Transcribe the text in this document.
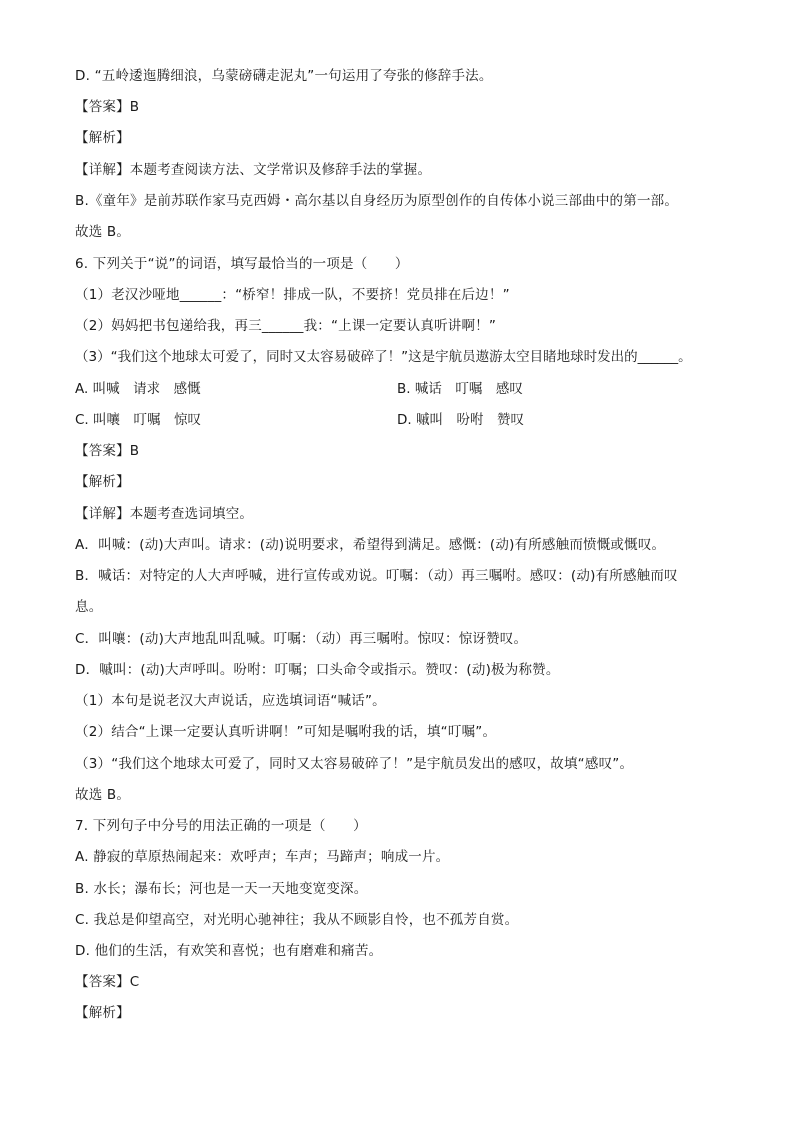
D. “五岭逶迤腾细浪，乌蒙磅礴走泥丸”一句运用了夸张的修辞手法。
【答案】B
【解析】
【详解】本题考查阅读方法、文学常识及修辞手法的掌握。
B.《童年》是前苏联作家马克西姆・高尔基以自身经历为原型创作的自传体小说三部曲中的第一部。
故选 B。
6. 下列关于“说”的词语，填写最恰当的一项是（　　）
（1）老汉沙哑地______：“桥窄！排成一队，不要挤！党员排在后边！”
（2）妈妈把书包递给我，再三______我：“上课一定要认真听讲啊！”
（3）“我们这个地球太可爱了，同时又太容易破碎了！”这是宇航员遨游太空目睹地球时发出的______。
A. 叫喊　请求　感慨	B. 喊话　叮嘱　感叹
C. 叫嚷　叮嘱　惊叹	D. 嘁叫　吩咐　赞叹
【答案】B
【解析】
【详解】本题考查选词填空。
A．叫喊：(动)大声叫。请求：(动)说明要求，希望得到满足。感慨：(动)有所感触而愤慨或慨叹。
B．喊话：对特定的人大声呼喊，进行宣传或劝说。叮嘱：（动）再三嘱咐。感叹：(动)有所感触而叹
息。
C．叫嚷：(动)大声地乱叫乱喊。叮嘱：（动）再三嘱咐。惊叹：惊讶赞叹。
D．嘁叫：(动)大声呼叫。吩咐：叮嘱；口头命令或指示。赞叹：(动)极为称赞。
（1）本句是说老汉大声说话，应选填词语“喊话”。
（2）结合“上课一定要认真听讲啊！”可知是嘱咐我的话，填“叮嘱”。
（3）“我们这个地球太可爱了，同时又太容易破碎了！”是宇航员发出的感叹，故填“感叹”。
故选 B。
7. 下列句子中分号的用法正确的一项是（　　）
A. 静寂的草原热闹起来：欢呼声；车声；马蹄声；响成一片。
B. 水长；瀑布长；河也是一天一天地变宽变深。
C. 我总是仰望高空，对光明心驰神往；我从不顾影自怜，也不孤芳自赏。
D. 他们的生活，有欢笑和喜悦；也有磨难和痛苦。
【答案】C
【解析】
